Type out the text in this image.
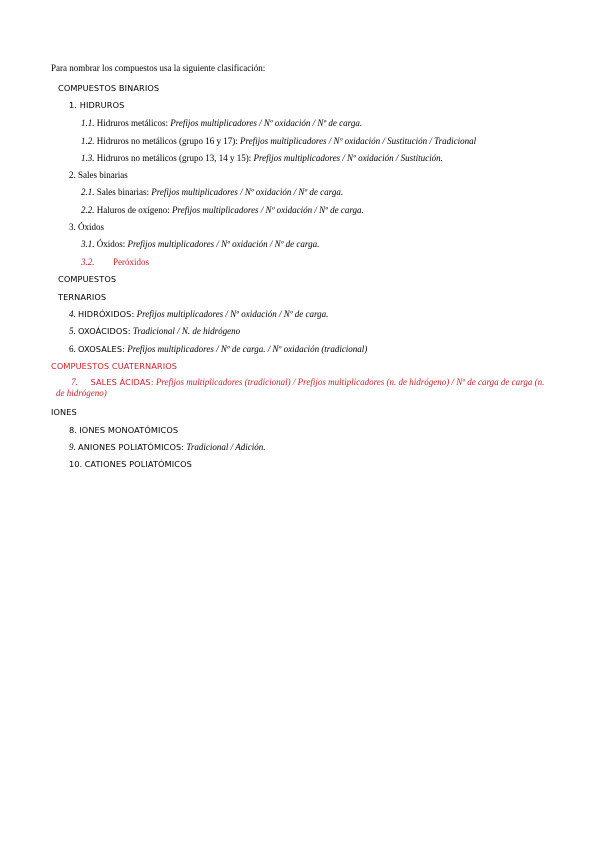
Para nombrar los compuestos usa la siguiente clasificación:
COMPUESTOS BINARIOS
1. HIDRUROS
1.1. Hidruros metálicos: Prefijos multiplicadores / Nº oxidación / Nº de carga.
1.2. Hidruros no metálicos (grupo 16 y 17): Prefijos multiplicadores / Nº oxidación / Sustitución / Tradicional
1.3. Hidruros no metálicos (grupo 13, 14 y 15): Prefijos multiplicadores / Nº oxidación / Sustitución.
2. Sales binarias
2.1. Sales binarias: Prefijos multiplicadores / Nº oxidación / Nº de carga.
2.2. Haluros de oxígeno: Prefijos multiplicadores / Nº oxidación / Nº de carga.
3. Óxidos
3.1. Óxidos: Prefijos multiplicadores / Nº oxidación / Nº de carga.
3.2. Peróxidos
COMPUESTOS
TERNARIOS
4. HIDRÓXIDOS: Prefijos multiplicadores / Nº oxidación / Nº de carga.
5. OXOÁCIDOS: Tradicional / N. de hidrógeno
6. OXOSALES: Prefijos multiplicadores / Nº de carga. / Nº oxidación (tradicional)
COMPUESTOS CUATERNARIOS
7. SALES ÁCIDAS: Prefijos multiplicadores (tradicional) / Prefijos multiplicadores (n. de hidrógeno) / Nº de carga de carga (n. de hidrógeno)
IONES
8. IONES MONOATÓMICOS
9. ANIONES POLIATÓMICOS: Tradicional / Adición.
10. CATIONES POLIATÓMICOS
